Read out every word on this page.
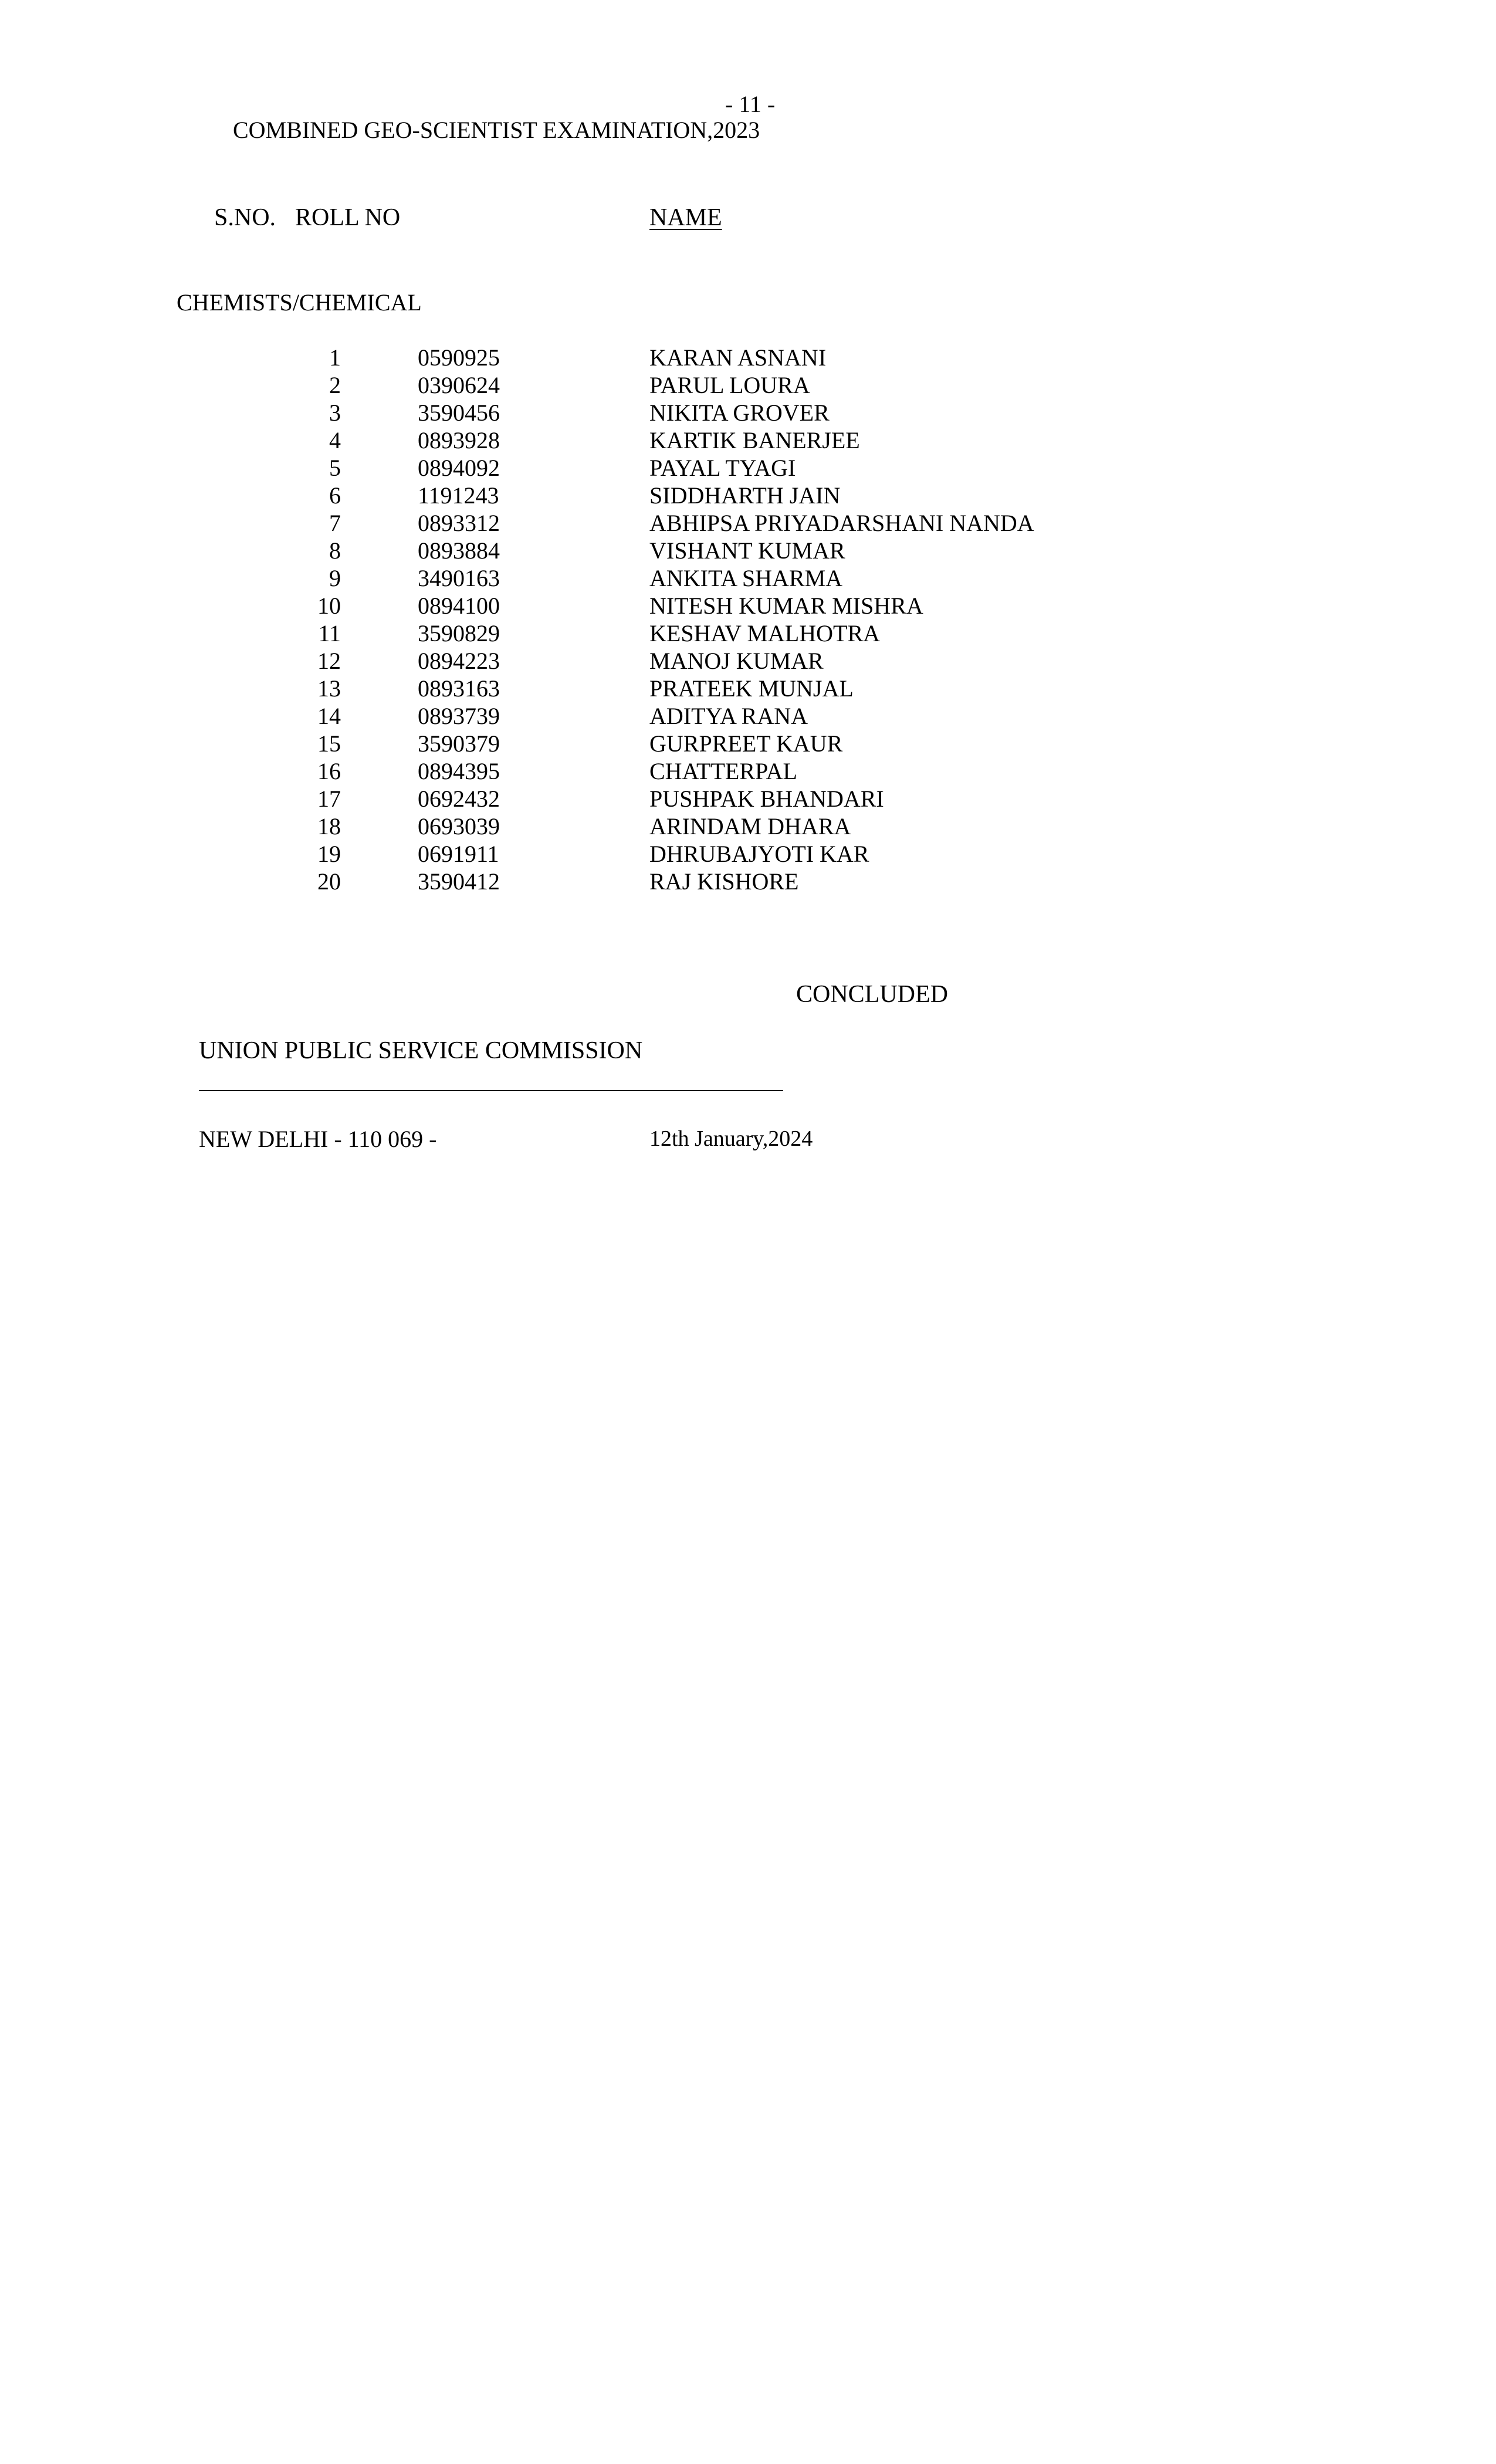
- 11 -
COMBINED GEO-SCIENTIST EXAMINATION,2023
S.NO. ROLL NO	NAME
CHEMISTS/CHEMICAL
1	0590925	KARAN ASNANI
2	0390624	PARUL LOURA
3	3590456	NIKITA GROVER
4	0893928	KARTIK BANERJEE
5	0894092	PAYAL TYAGI
6	1191243	SIDDHARTH JAIN
7	0893312	ABHIPSA PRIYADARSHANI NANDA
8	0893884	VISHANT KUMAR
9	3490163	ANKITA SHARMA
10	0894100	NITESH KUMAR MISHRA
11	3590829	KESHAV MALHOTRA
12	0894223	MANOJ KUMAR
13	0893163	PRATEEK MUNJAL
14	0893739	ADITYA RANA
15	3590379	GURPREET KAUR
16	0894395	CHATTERPAL
17	0692432	PUSHPAK BHANDARI
18	0693039	ARINDAM DHARA
19	0691911	DHRUBAJYOTI KAR
20	3590412	RAJ KISHORE
CONCLUDED
UNION PUBLIC SERVICE COMMISSION
NEW DELHI - 110 069 -	12th January,2024
